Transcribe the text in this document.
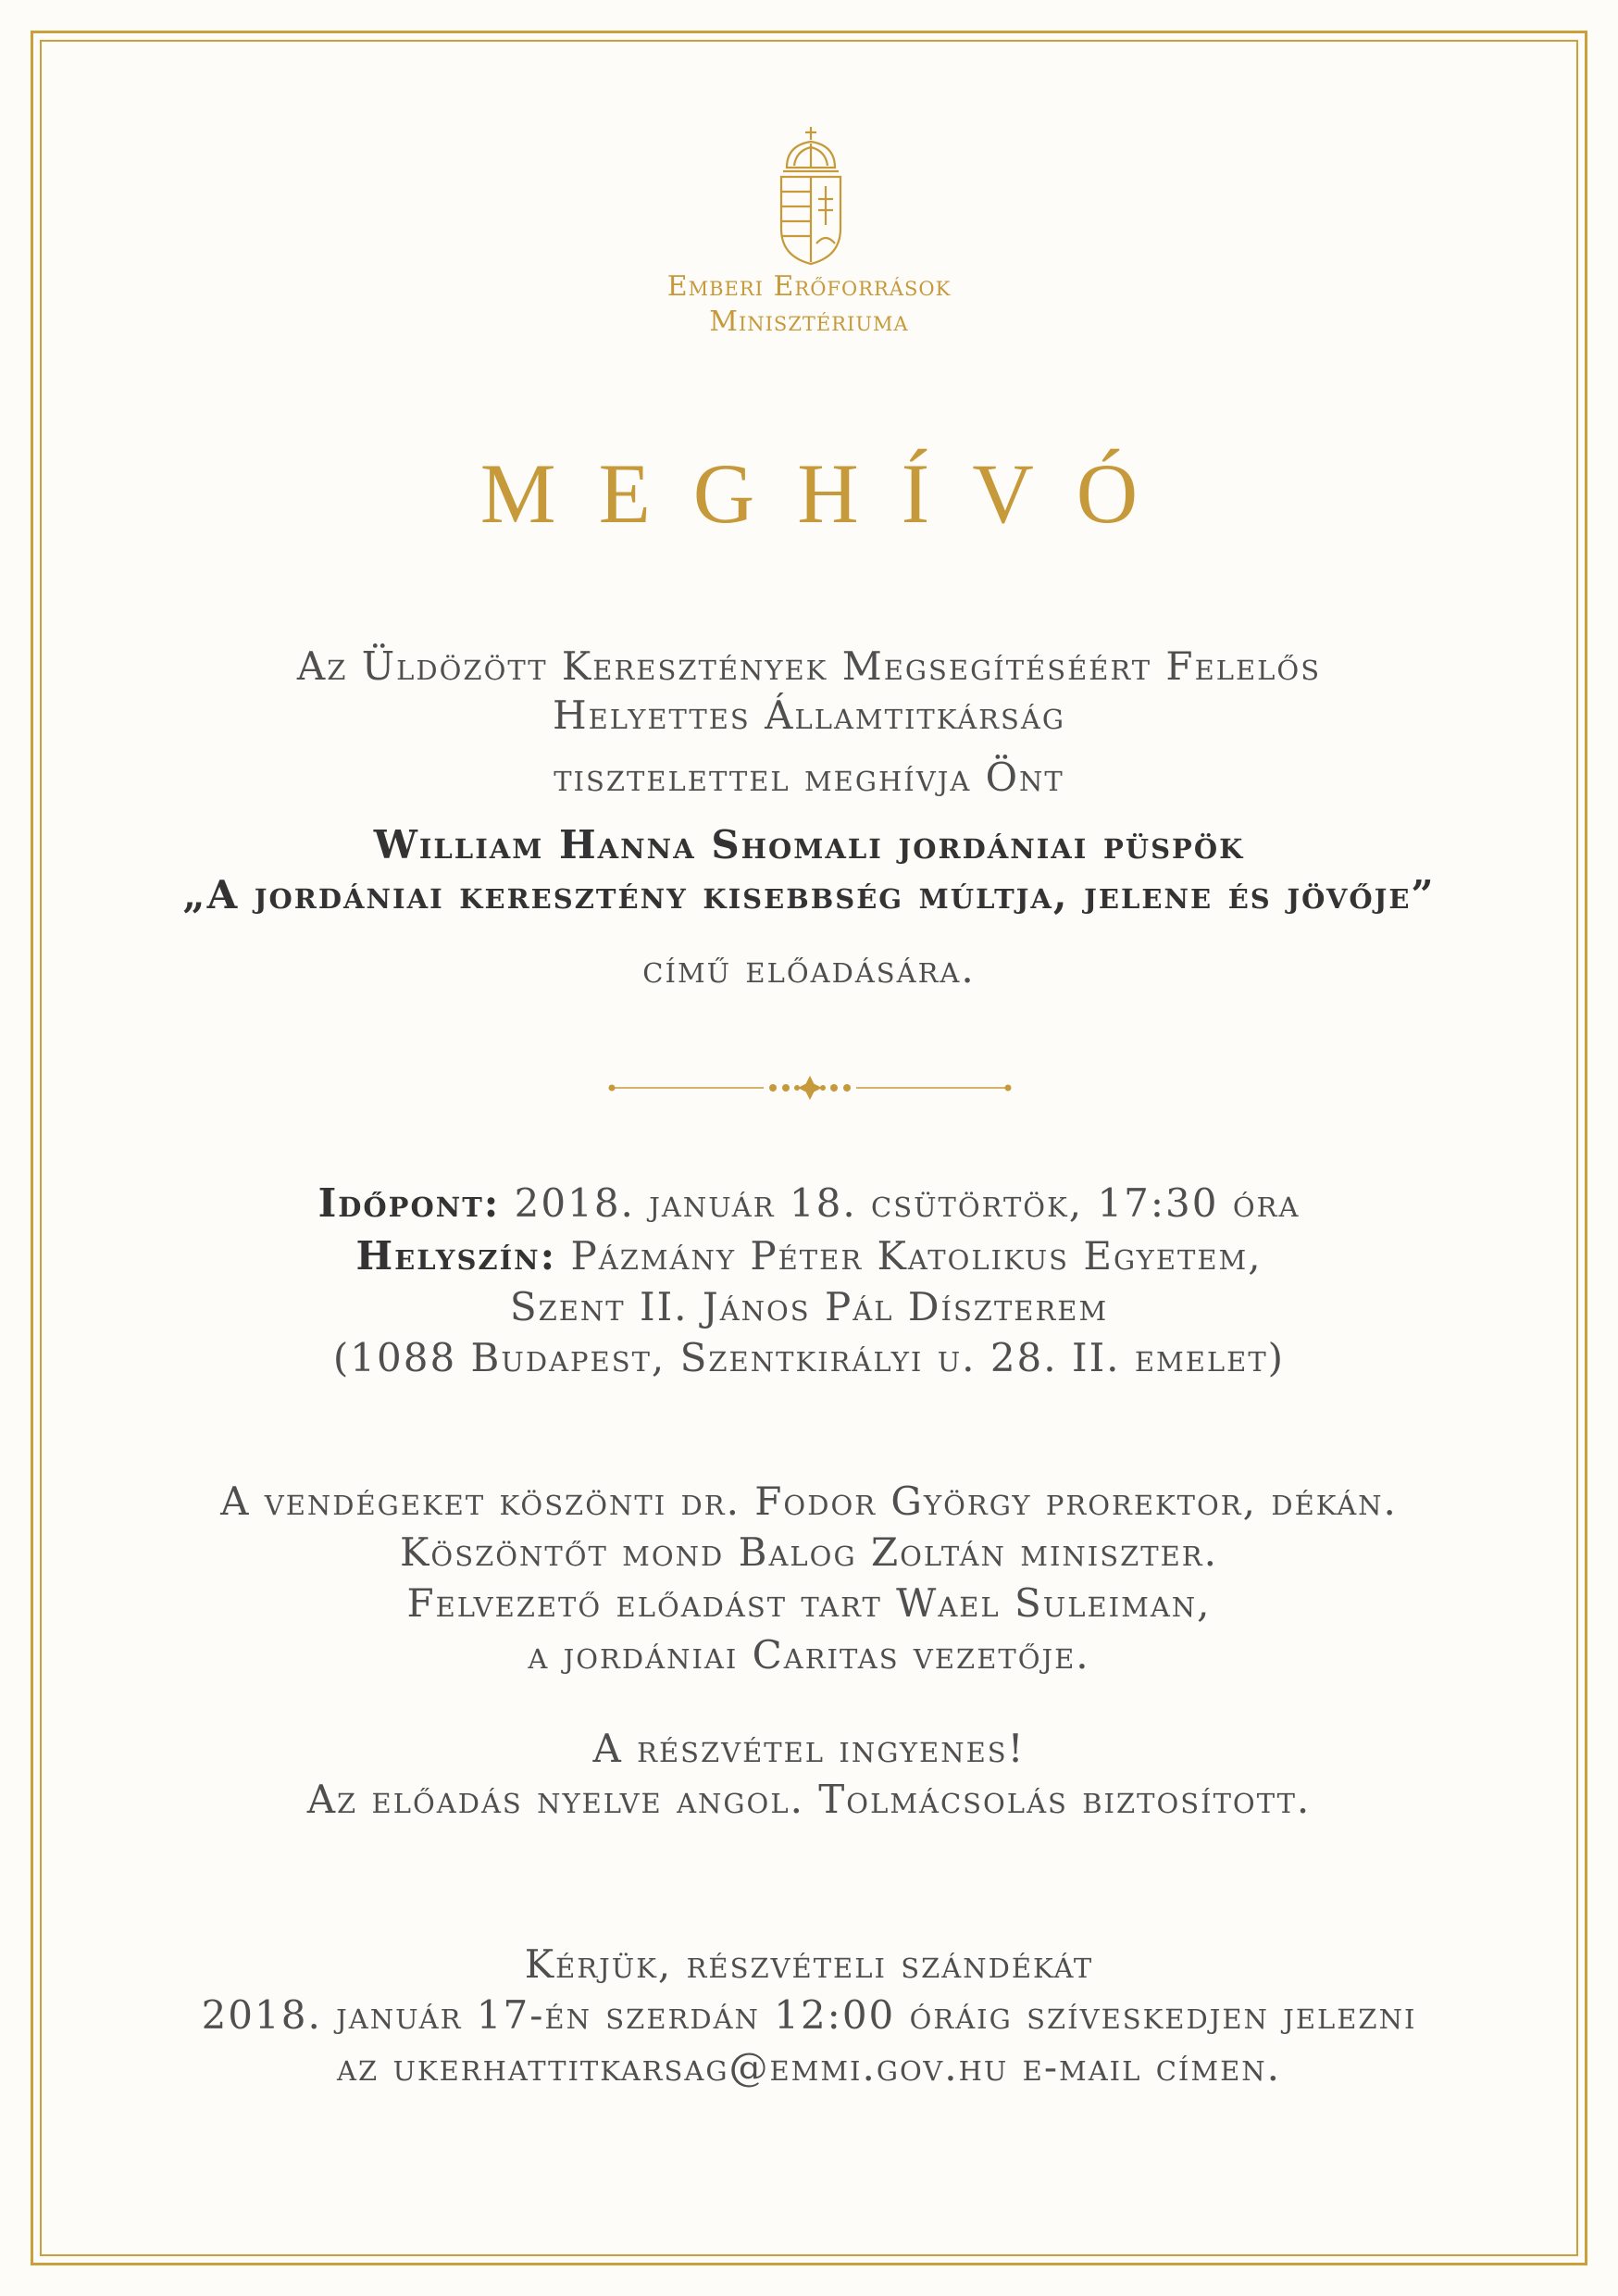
Emberi Erőforrások
Minisztériuma
MEGHÍVÓ
Az Üldözött Keresztények Megsegítéséért Felelős
Helyettes Államtitkárság
tisztelettel meghívja Önt
William Hanna Shomali jordániai püspök
„A jordániai keresztény kisebbség múltja, jelene és jövője”
című előadására.
Időpont: 2018. január 18. csütörtök, 17:30 óra
Helyszín: Pázmány Péter Katolikus Egyetem,
Szent II. János Pál Díszterem
(1088 Budapest, Szentkirályi u. 28. II. emelet)
A vendégeket köszönti dr. Fodor György prorektor, dékán.
Köszöntőt mond Balog Zoltán miniszter.
Felvezető előadást tart Wael Suleiman,
a jordániai Caritas vezetője.
A részvétel ingyenes!
Az előadás nyelve angol. Tolmácsolás biztosított.
Kérjük, részvételi szándékát
2018. január 17-én szerdán 12:00 óráig szíveskedjen jelezni
az ukerhattitkarsag@emmi.gov.hu e-mail címen.
